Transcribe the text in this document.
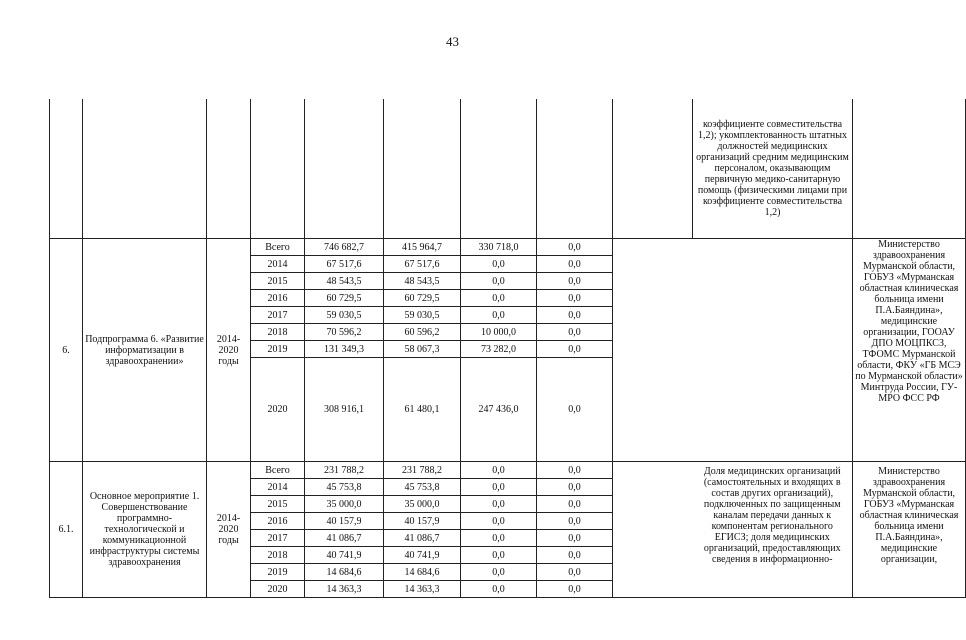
43
									коэффициенте совместительства 1,2); укомплектованность штатных должностей медицинских организаций средним медицинским персоналом, оказывающим первичную медико-санитарную помощь (физическими лицами при коэффициенте совместительства 1,2)	
6.	Подпрограмма 6. «Развитие информатизации в здравоохранении»	2014-2020 годы	Всего	746 682,7	415 964,7	330 718,0	0,0			Министерство здравоохранения Мурманской области, ГОБУЗ «Мурманская областная клиническая больница имени П.А.Баяндина», медицинские организации, ГООАУ ДПО МОЦПКСЗ, ТФОМС Мурманской области, ФКУ «ГБ МСЭ по Мурманской области» Минтруда России, ГУ-МРО ФСС РФ
			2014	67 517,6	67 517,6	0,0	0,0			
			2015	48 543,5	48 543,5	0,0	0,0			
			2016	60 729,5	60 729,5	0,0	0,0			
			2017	59 030,5	59 030,5	0,0	0,0			
			2018	70 596,2	60 596,2	10 000,0	0,0			
			2019	131 349,3	58 067,3	73 282,0	0,0			
			2020	308 916,1	61 480,1	247 436,0	0,0			
6.1.	Основное мероприятие 1. Совершенствование программно-технологической и коммуникационной инфраструктуры системы здравоохранения	2014-2020 годы	Всего	231 788,2	231 788,2	0,0	0,0		Доля медицинских организаций (самостоятельных и входящих в состав других организаций), подключенных по защищенным каналам передачи данных к компонентам регионального ЕГИСЗ; доля медицинских организаций, предоставляющих сведения в информационно-	Министерство здравоохранения Мурманской области, ГОБУЗ «Мурманская областная клиническая больница имени П.А.Баяндина», медицинские организации,
			2014	45 753,8	45 753,8	0,0	0,0			
			2015	35 000,0	35 000,0	0,0	0,0			
			2016	40 157,9	40 157,9	0,0	0,0			
			2017	41 086,7	41 086,7	0,0	0,0			
			2018	40 741,9	40 741,9	0,0	0,0			
			2019	14 684,6	14 684,6	0,0	0,0			
			2020	14 363,3	14 363,3	0,0	0,0			
